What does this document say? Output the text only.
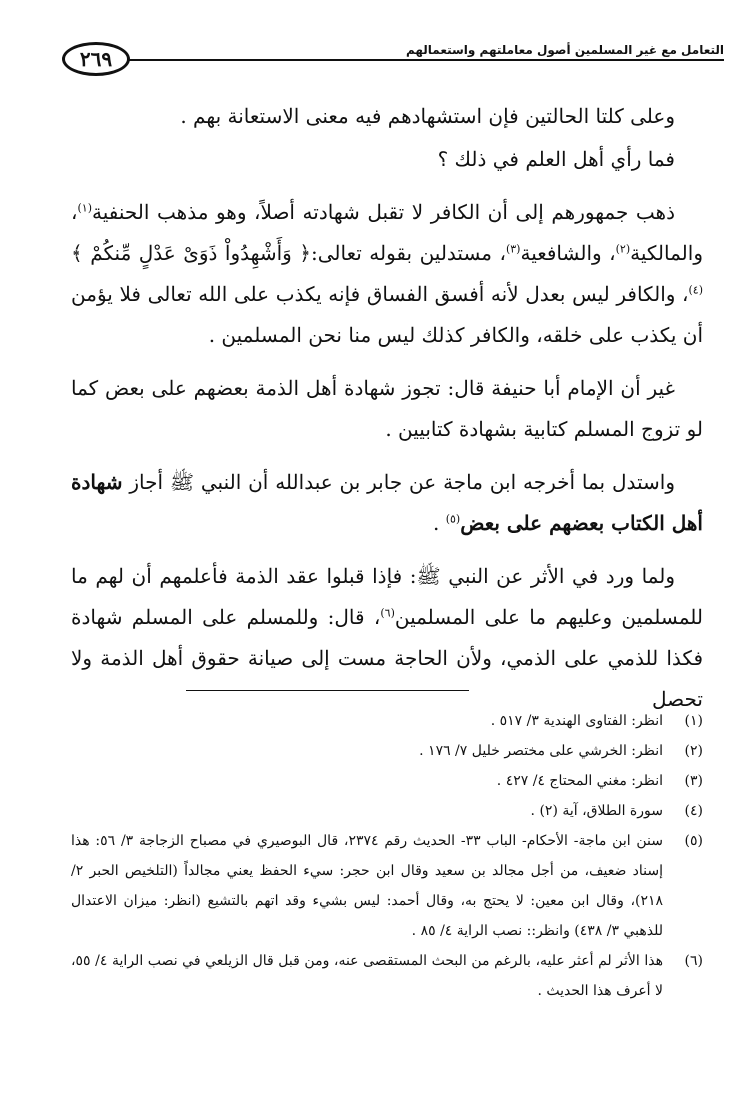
التعامل مع غير المسلمين أصول معاملتهم واستعمالهم
٢٦٩

وعلى كلتا الحالتين فإن استشهادهم فيه معنى الاستعانة بهم .

فما رأي أهل العلم في ذلك ؟

ذهب جمهورهم إلى أن الكافر لا تقبل شهادته أصلاً، وهو مذهب الحنفية$^{(١)}$، والمالكية$^{(٢)}$، والشافعية$^{(٣)}$، مستدلين بقوله تعالى:﴿ وَأَشْهِدُواْ ذَوَىْ عَدْلٍ مِّنكُمْ ﴾$^{(٤)}$، والكافر ليس بعدل لأنه أفسق الفساق فإنه يكذب على الله تعالى فلا يؤمن أن يكذب على خلقه، والكافر كذلك ليس منا نحن المسلمين .

غير أن الإمام أبا حنيفة قال: تجوز شهادة أهل الذمة بعضهم على بعض كما لو تزوج المسلم كتابية بشهادة كتابيين .

واستدل بما أخرجه ابن ماجة عن جابر بن عبدالله أن النبي ﷺ أجاز شهادة أهل الكتاب بعضهم على بعض$^{(٥)}$ .

ولما ورد في الأثر عن النبي ﷺ: فإذا قبلوا عقد الذمة فأعلمهم أن لهم ما للمسلمين وعليهم ما على المسلمين$^{(٦)}$، قال: وللمسلم على المسلم شهادة فكذا للذمي على الذمي، ولأن الحاجة مست إلى صيانة حقوق أهل الذمة ولا تحصل

(١)
انظر: الفتاوى الهندية ٣/ ٥١٧ .
(٢)
انظر: الخرشي على مختصر خليل ٧/ ١٧٦ .
(٣)
انظر: مغني المحتاج ٤/ ٤٢٧ .
(٤)
سورة الطلاق، آية (٢) .
(٥)
سنن ابن ماجة- الأحكام- الباب ٣٣- الحديث رقم ٢٣٧٤، قال البوصيري في مصباح الزجاجة ٣/ ٥٦: هذا إسناد ضعيف، من أجل مجالد بن سعيد وقال ابن حجر: سيء الحفظ يعني مجالداً (التلخيص الحبر ٢/ ٢١٨)، وقال ابن معين: لا يحتج به، وقال أحمد: ليس بشيء وقد اتهم بالتشيع (انظر: ميزان الاعتدال للذهبي ٣/ ٤٣٨) وانظر:: نصب الراية ٤/ ٨٥ .
(٦)
هذا الأثر لم أعثر عليه، بالرغم من البحث المستقصى عنه، ومن قبل قال الزيلعي في نصب الراية ٤/ ٥٥، لا أعرف هذا الحديث .
